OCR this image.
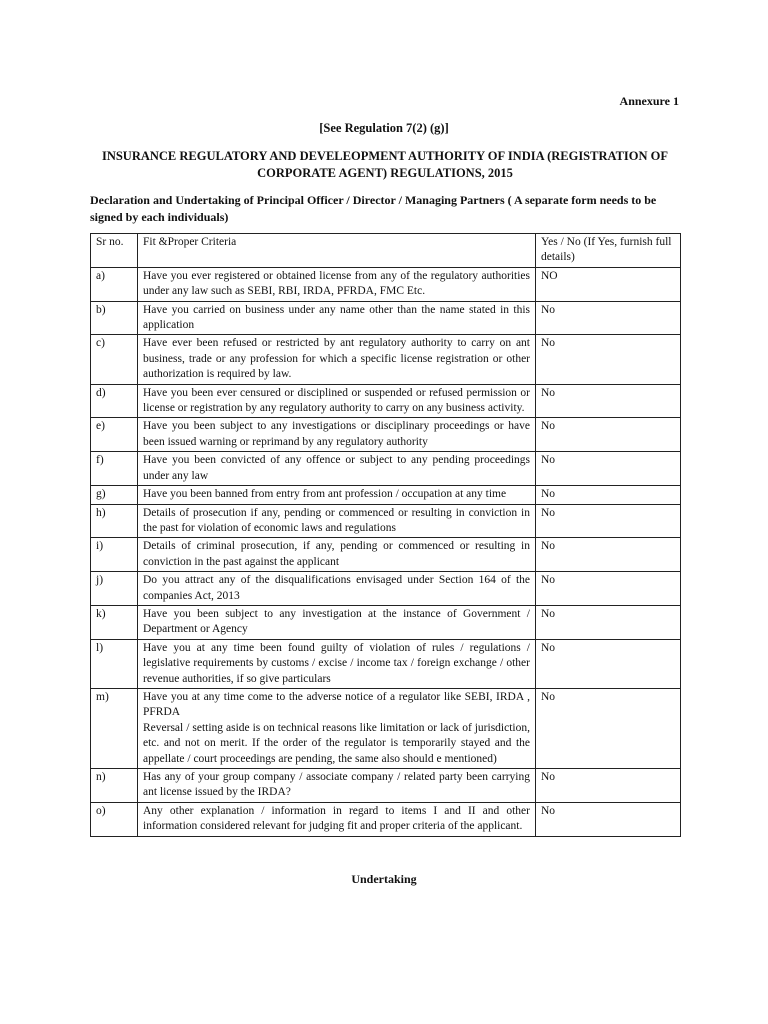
Annexure 1
[See Regulation 7(2) (g)]
INSURANCE REGULATORY AND DEVELEOPMENT AUTHORITY OF INDIA (REGISTRATION OF CORPORATE AGENT) REGULATIONS, 2015
Declaration and Undertaking of Principal Officer / Director / Managing Partners ( A separate form needs to be signed by each individuals)
Sr no.	Fit &Proper Criteria	Yes / No (If Yes, furnish full details)
a)	Have you ever registered or obtained license from any of the regulatory authorities under any law such as SEBI, RBI, IRDA, PFRDA, FMC Etc.	NO
b)	Have you carried on business under any name other than the name stated in this application	No
c)	Have ever been refused or restricted by ant regulatory authority to carry on ant business, trade or any profession for which a specific license registration or other authorization is required by law.	No
d)	Have you been ever censured or disciplined or suspended or refused permission or license or registration by any regulatory authority to carry on any business activity.	No
e)	Have you been subject to any investigations or disciplinary proceedings or have been issued warning or reprimand by any regulatory authority	No
f)	Have you been convicted of any offence or subject to any pending proceedings under any law	No
g)	Have you been banned from entry from ant profession / occupation at any time	No
h)	Details of prosecution if any, pending or commenced or resulting in conviction in the past for violation of economic laws and regulations	No
i)	Details of criminal prosecution, if any, pending or commenced or resulting in conviction in the past against the applicant	No
j)	Do you attract any of the disqualifications envisaged under Section 164 of the companies Act, 2013	No
k)	Have you been subject to any investigation at the instance of Government / Department or Agency	No
l)	Have you at any time been found guilty of violation of rules / regulations / legislative requirements by customs / excise / income tax / foreign exchange / other revenue authorities, if so give particulars	No
m)	Have you at any time come to the adverse notice of a regulator like SEBI, IRDA , PFRDA
Reversal / setting aside is on technical reasons like limitation or lack of jurisdiction, etc. and not on merit. If the order of the regulator is temporarily stayed and the appellate / court proceedings are pending, the same also should e mentioned)	No
n)	Has any of your group company / associate company / related party been carrying ant license issued by the IRDA?	No
o)	Any other explanation / information in regard to items I and II and other information considered relevant for judging fit and proper criteria of the applicant.	No
Undertaking
